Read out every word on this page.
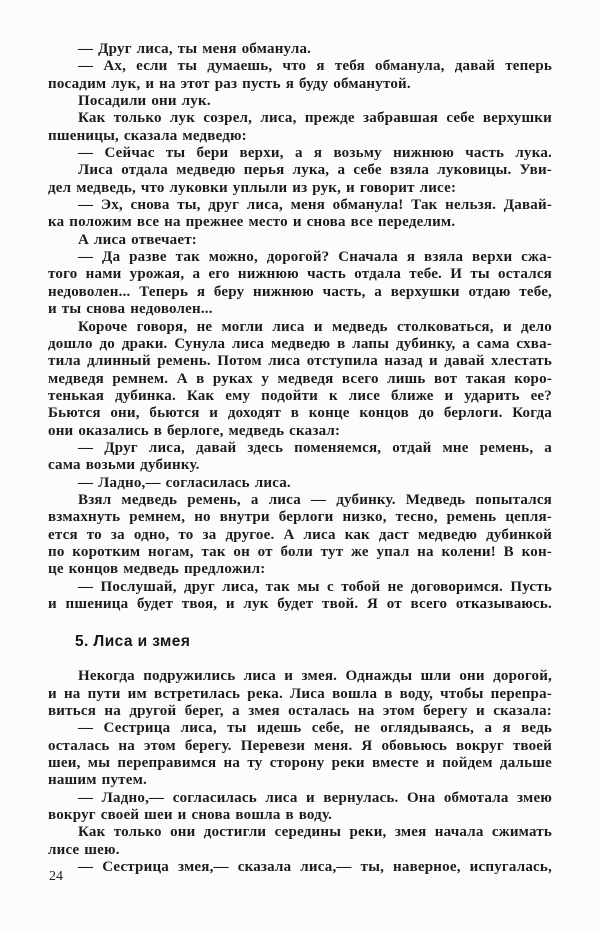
— Друг лиса, ты меня обманула.
— Ах, если ты думаешь, что я тебя обманула, давай теперь
посадим лук, и на этот раз пусть я буду обманутой.
Посадили они лук.
Как только лук созрел, лиса, прежде забравшая себе верхушки
пшеницы, сказала медведю:
— Сейчас ты бери верхи, а я возьму нижнюю часть лука.
Лиса отдала медведю перья лука, а себе взяла луковицы. Уви-
дел медведь, что луковки уплыли из рук, и говорит лисе:
— Эх, снова ты, друг лиса, меня обманула! Так нельзя. Давай-
ка положим все на прежнее место и снова все переделим.
А лиса отвечает:
— Да разве так можно, дорогой? Сначала я взяла верхи сжа-
того нами урожая, а его нижнюю часть отдала тебе. И ты остался
недоволен... Теперь я беру нижнюю часть, а верхушки отдаю тебе,
и ты снова недоволен...
Короче говоря, не могли лиса и медведь столковаться, и дело
дошло до драки. Сунула лиса медведю в лапы дубинку, а сама схва-
тила длинный ремень. Потом лиса отступила назад и давай хлестать
медведя ремнем. А в руках у медведя всего лишь вот такая коро-
тенькая дубинка. Как ему подойти к лисе ближе и ударить ее?
Бьются они, бьются и доходят в конце концов до берлоги. Когда
они оказались в берлоге, медведь сказал:
— Друг лиса, давай здесь поменяемся, отдай мне ремень, а
сама возьми дубинку.
— Ладно,— согласилась лиса.
Взял медведь ремень, а лиса — дубинку. Медведь попытался
взмахнуть ремнем, но внутри берлоги низко, тесно, ремень цепля-
ется то за одно, то за другое. А лиса как даст медведю дубинкой
по коротким ногам, так он от боли тут же упал на колени! В кон-
це концов медведь предложил:
— Послушай, друг лиса, так мы с тобой не договоримся. Пусть
и пшеница будет твоя, и лук будет твой. Я от всего отказываюсь.
5. Лиса и змея
Некогда подружились лиса и змея. Однажды шли они дорогой,
и на пути им встретилась река. Лиса вошла в воду, чтобы перепра-
виться на другой берег, а змея осталась на этом берегу и сказала:
— Сестрица лиса, ты идешь себе, не оглядываясь, а я ведь
осталась на этом берегу. Перевези меня. Я обовьюсь вокруг твоей
шеи, мы переправимся на ту сторону реки вместе и пойдем дальше
нашим путем.
— Ладно,— согласилась лиса и вернулась. Она обмотала змею
вокруг своей шеи и снова вошла в воду.
Как только они достигли середины реки, змея начала сжимать
лисе шею.
— Сестрица змея,— сказала лиса,— ты, наверное, испугалась,
24
